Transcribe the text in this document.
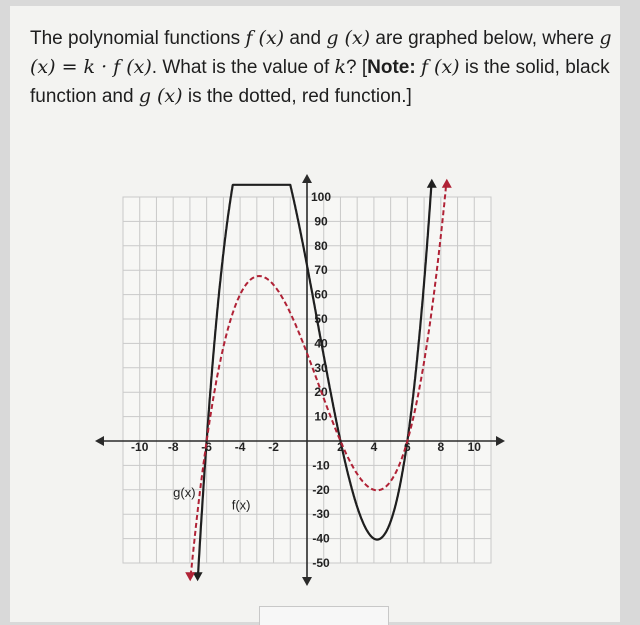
The polynomial functions f (x) and g (x) are graphed below, where g (x) = k · f (x). What is the value of k? [Note: f (x) is the solid, black function and g (x) is the dotted, red function.]
-10 -8 -6 -4 -2	2 4 6 8 10
100
90
80
70
60
50
40
30
20
10
-10
-20
-30
-40
-50
f(x)
g(x)
